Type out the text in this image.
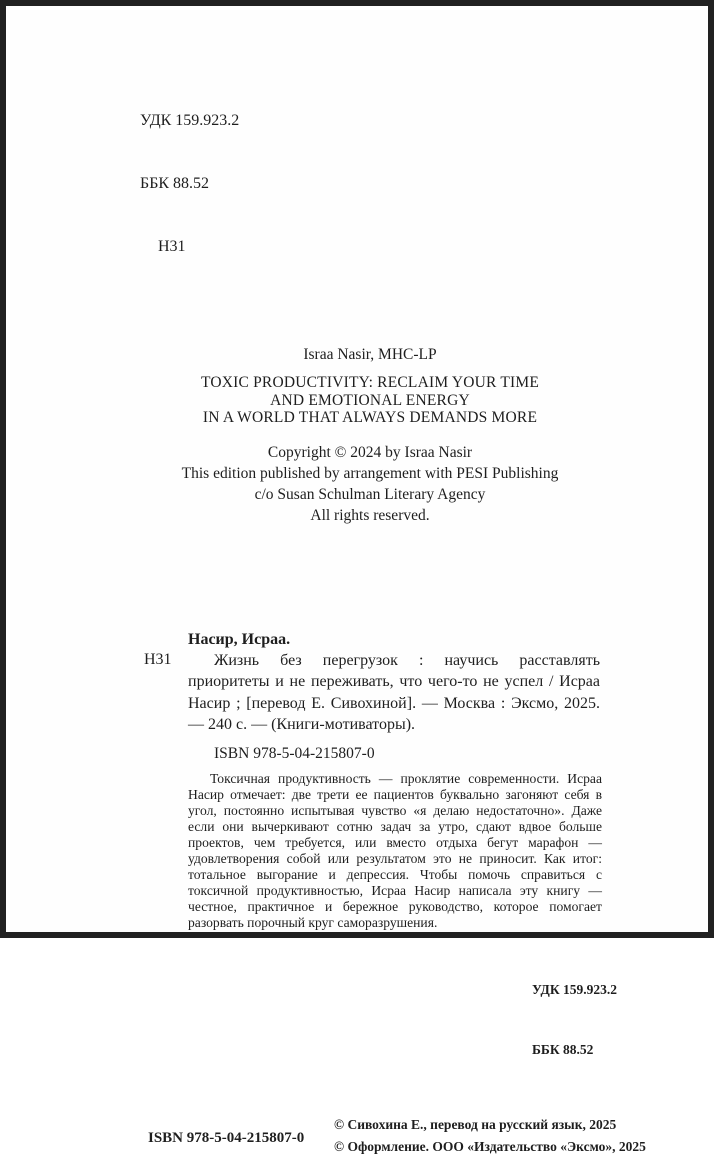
УДК 159.923.2

ББК 88.52

Н31

Israa Nasir, MHC-LP
TOXIC PRODUCTIVITY: RECLAIM YOUR TIME
AND EMOTIONAL ENERGY
IN A WORLD THAT ALWAYS DEMANDS MORE
Copyright © 2024 by Israa Nasir
This edition published by arrangement with PESI Publishing
c/o Susan Schulman Literary Agency
All rights reserved.
Н31
Насир, Исраа.

Жизнь без перегрузок : научись расставлять приоритеты и не переживать, что чего-то не успел / Исраа Насир ; [перевод Е. Сивохиной]. — Москва : Эксмо, 2025. — 240 с. — (Книги-мотиваторы).

ISBN 978-5-04-215807-0

Токсичная продуктивность — проклятие современности. Исраа Насир отмечает: две трети ее пациентов буквально загоняют себя в угол, постоянно испытывая чувство «я делаю недостаточно». Даже если они вычеркивают сотню задач за утро, сдают вдвое больше проектов, чем требуется, или вместо отдыха бегут марафон — удовлетворения собой или результатом это не приносит. Как итог: тотальное выгорание и депрессия. Чтобы помочь справиться с токсичной продуктивностью, Исраа Насир написала эту книгу — честное, практичное и бережное руководство, которое помогает разорвать порочный круг саморазрушения.

УДК 159.923.2

ББК 88.52

ISBN 978-5-04-215807-0
© Сивохина Е., перевод на русский язык, 2025
© Оформление. ООО «Издательство «Эксмо», 2025
